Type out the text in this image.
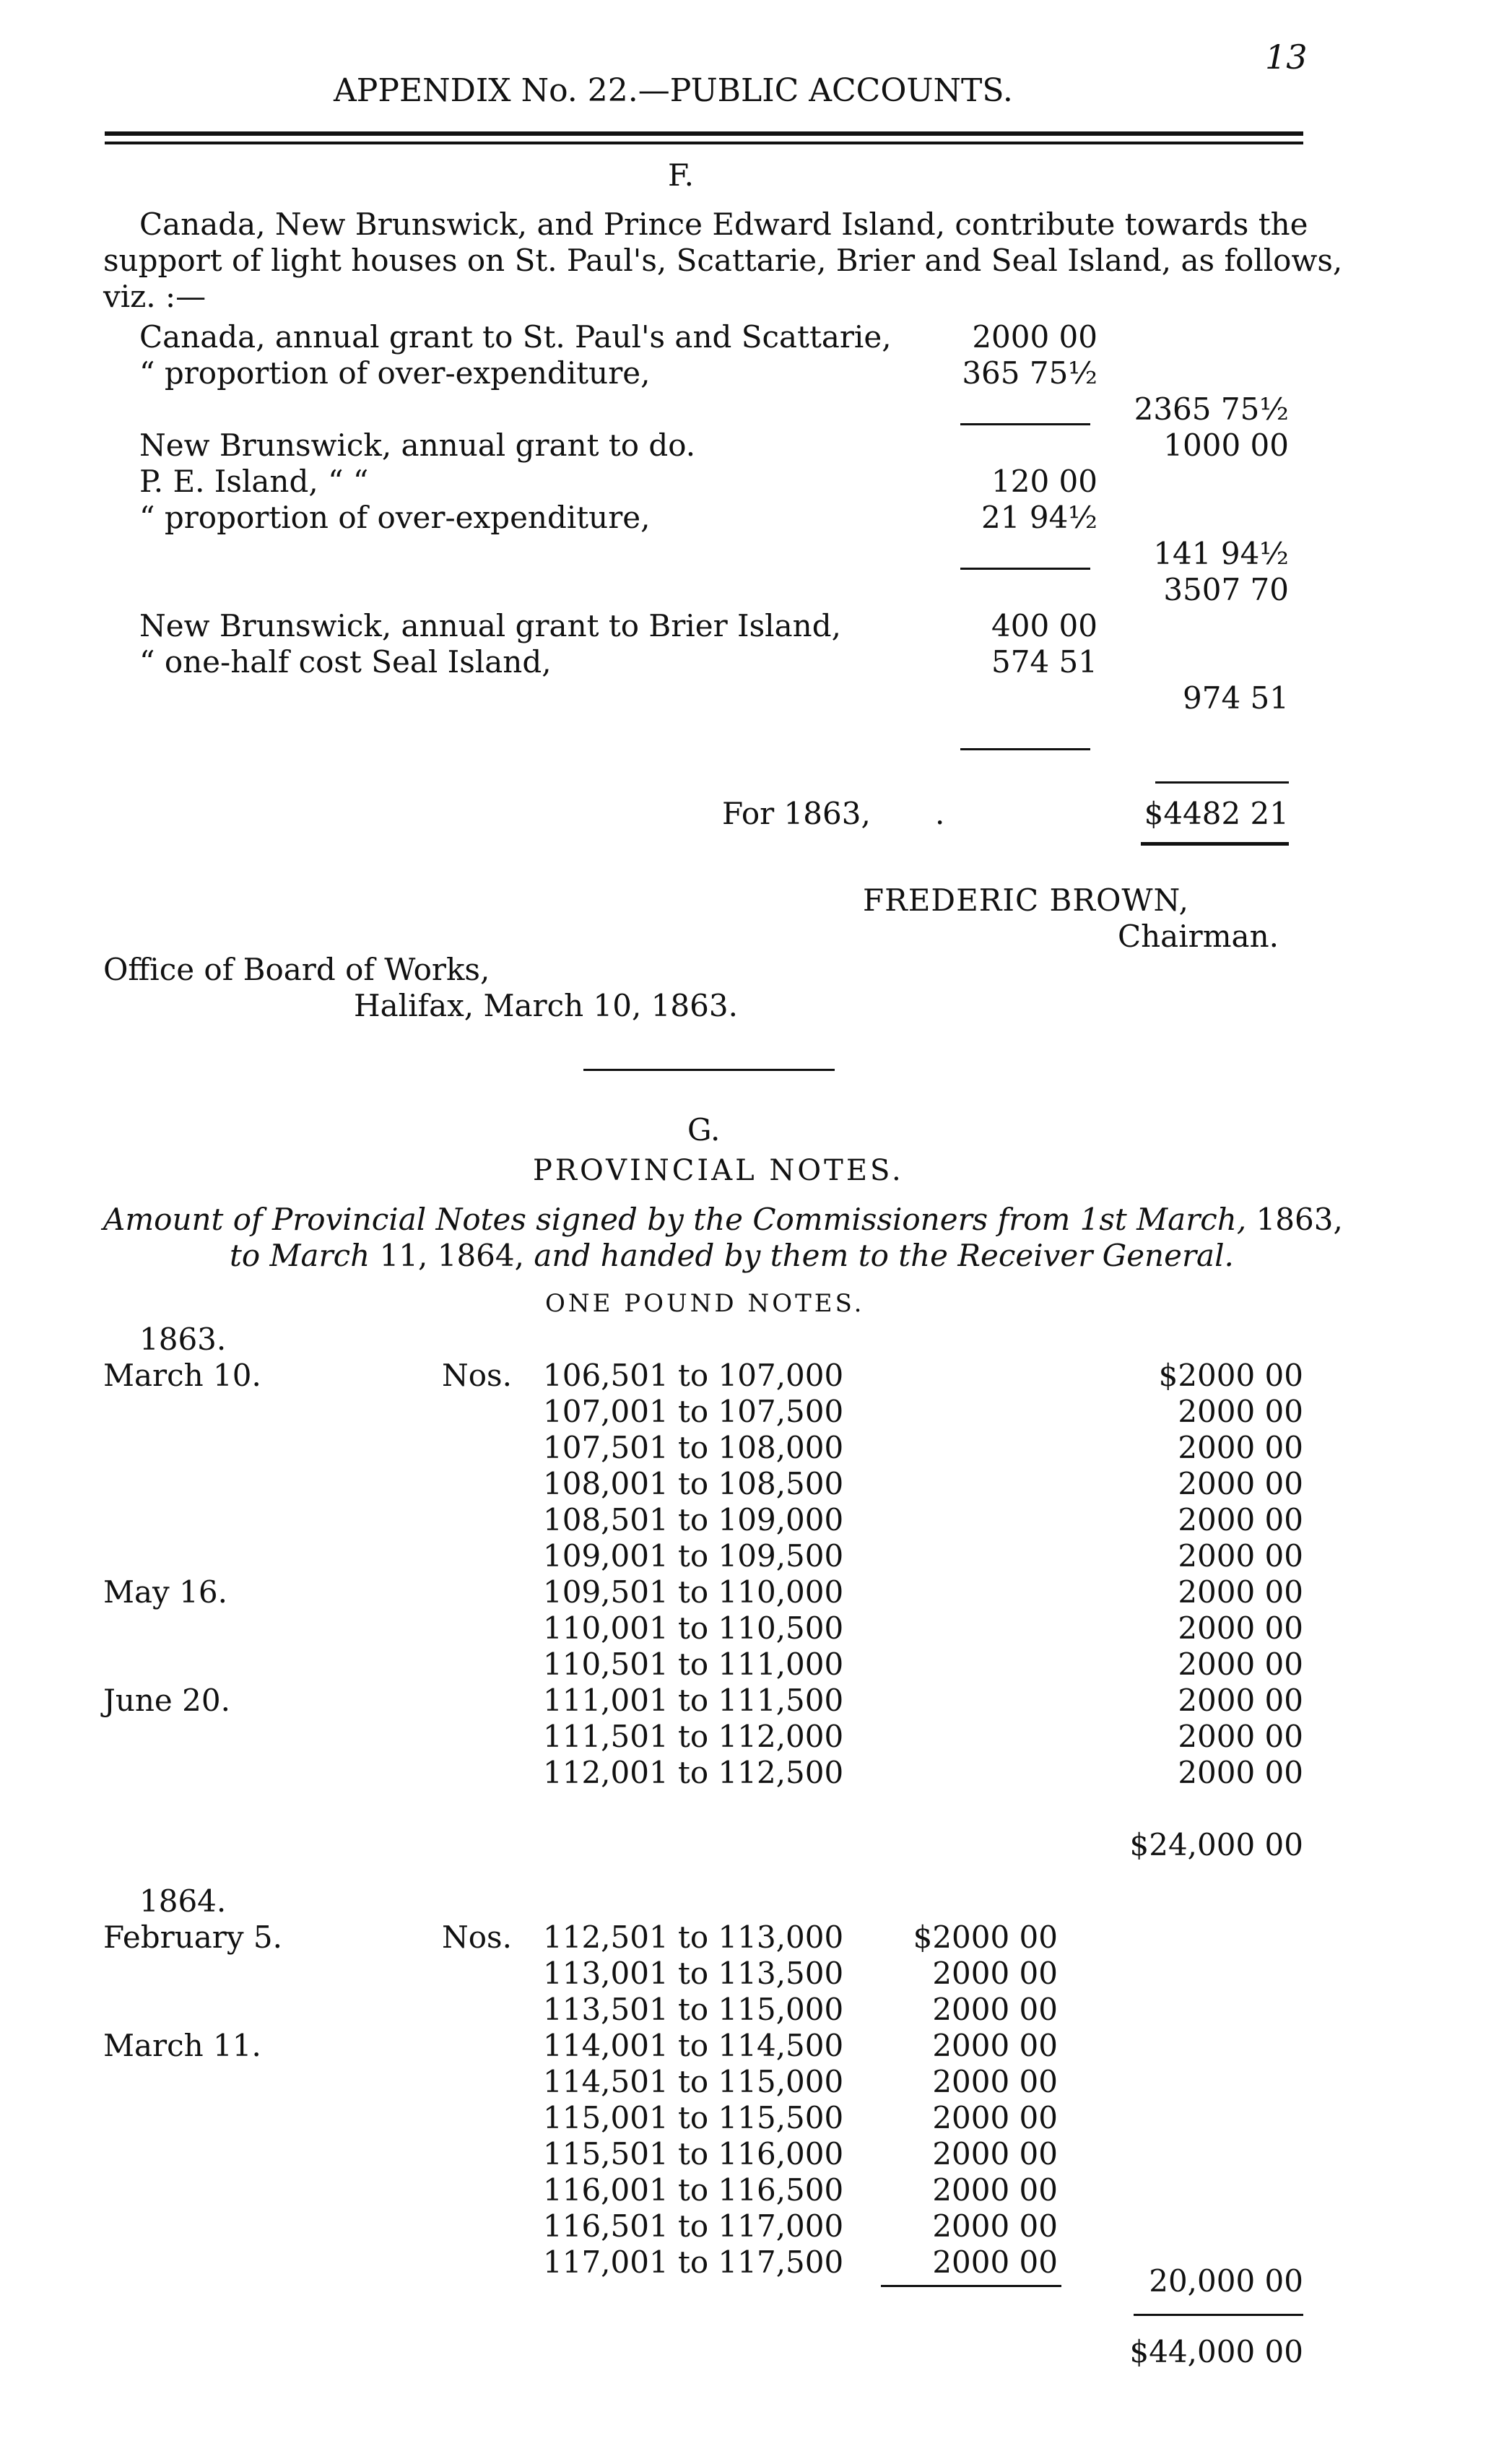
APPENDIX No. 22.—PUBLIC ACCOUNTS.
13
F.
Canada, New Brunswick, and Prince Edward Island, contribute towards the
support of light houses on St. Paul's, Scattarie, Brier and Seal Island, as follows,
viz. :—
Canada, annual grant to St. Paul's and Scattarie,
“ proportion of over-expenditure,
New Brunswick, annual grant to do.
P. E. Island, “ “
“ proportion of over-expenditure,
New Brunswick, annual grant to Brier Island,
“ one-half cost Seal Island,
2000 00
365 75½
120 00
21 94½
400 00
574 51
2365 75½
1000 00
141 94½
3507 70
974 51
For 1863, .	$4482 21
FREDERIC BROWN,
Chairman.
Office of Board of Works,
Halifax, March 10, 1863.
G.
PROVINCIAL NOTES.
Amount of Provincial Notes signed by the Commissioners from 1st March, 1863,
to March 11, 1864, and handed by them to the Receiver General.
ONE POUND NOTES.
1863.
Nos.
March 10.
May 16.
June 20.
106,501 to 107,000
107,001 to 107,500
107,501 to 108,000
108,001 to 108,500
108,501 to 109,000
109,001 to 109,500
109,501 to 110,000
110,001 to 110,500
110,501 to 111,000
111,001 to 111,500
111,501 to 112,000
112,001 to 112,500
$2000 00
2000 00
2000 00
2000 00
2000 00
2000 00
2000 00
2000 00
2000 00
2000 00
2000 00
2000 00
$24,000 00
1864.
Nos.
February 5.
March 11.
112,501 to 113,000
113,001 to 113,500
113,501 to 115,000
114,001 to 114,500
114,501 to 115,000
115,001 to 115,500
115,501 to 116,000
116,001 to 116,500
116,501 to 117,000
117,001 to 117,500
$2000 00
2000 00
2000 00
2000 00
2000 00
2000 00
2000 00
2000 00
2000 00
2000 00
20,000 00
$44,000 00
